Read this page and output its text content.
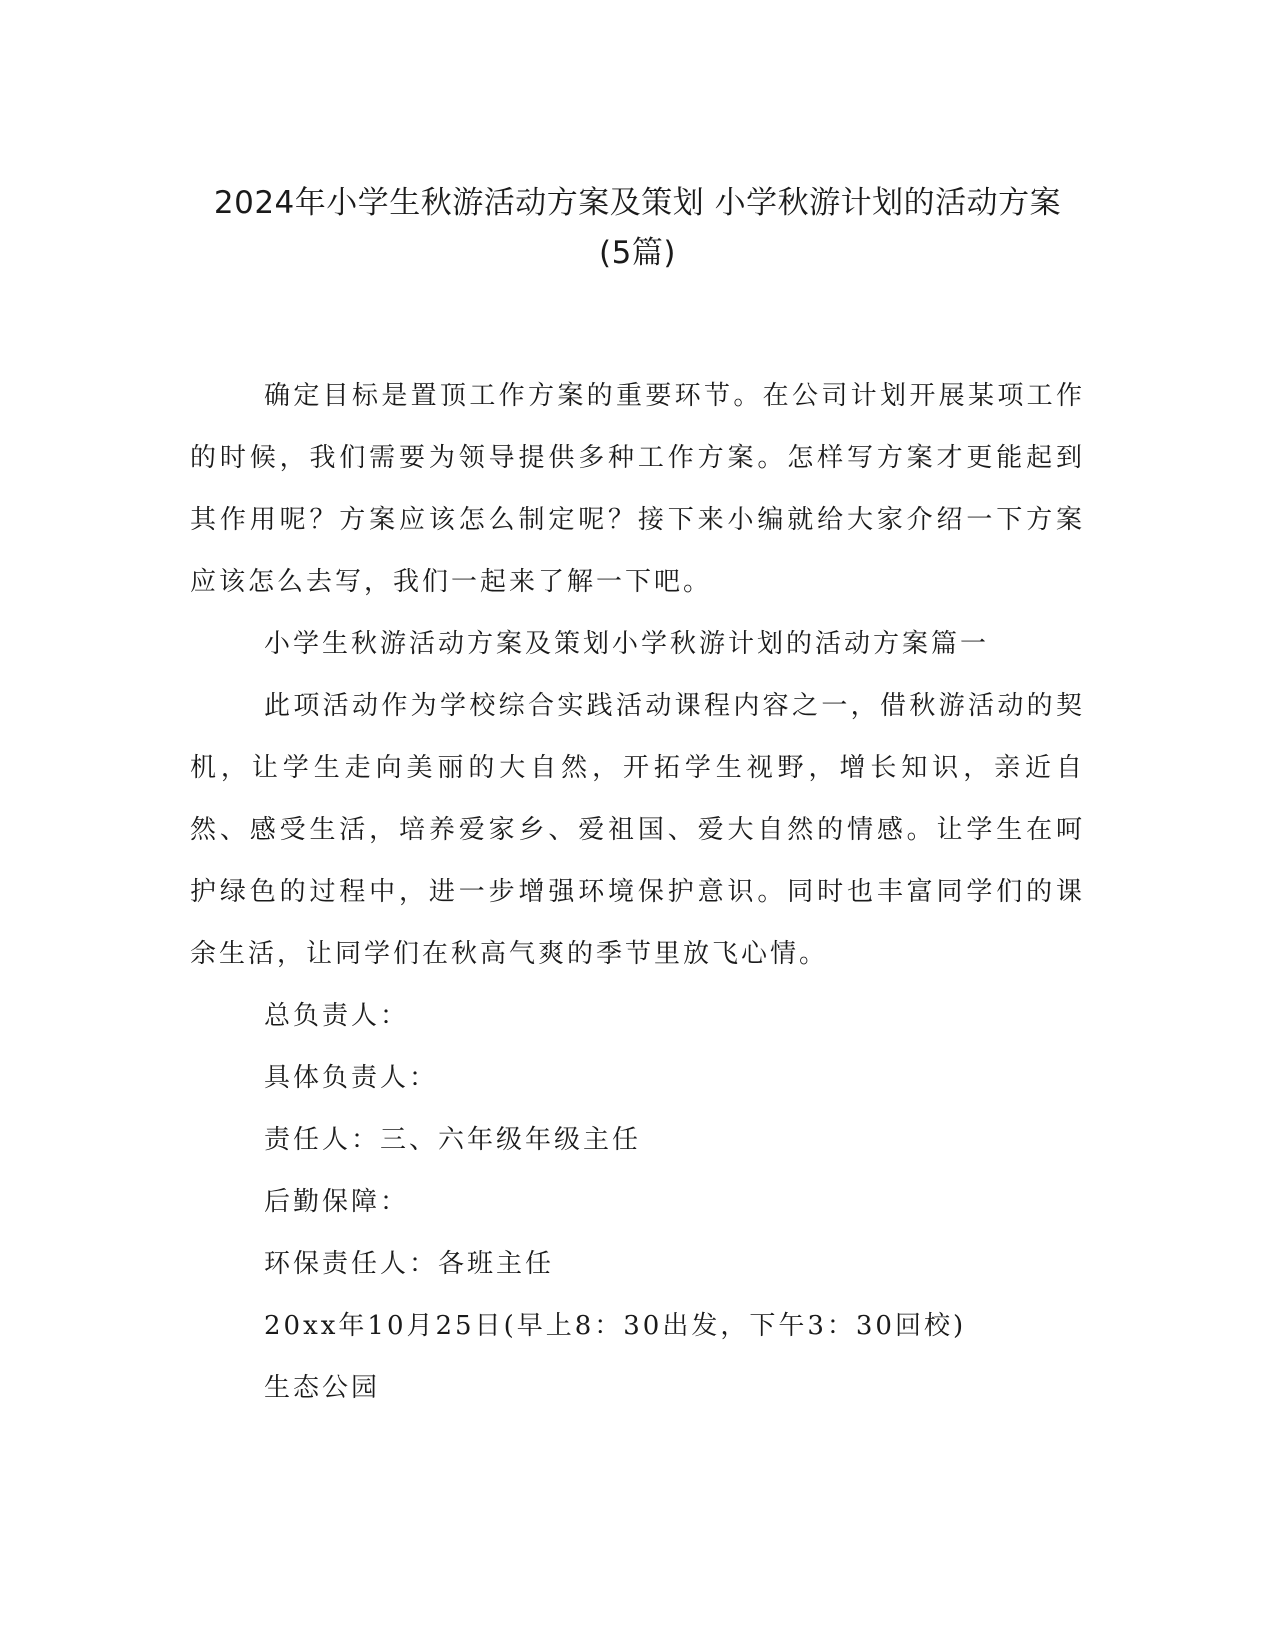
2024年小学生秋游活动方案及策划 小学秋游计划的活动方案
(5篇)

确定目标是置顶工作方案的重要环节。在公司计划开展某项工作的时候，我们需要为领导提供多种工作方案。怎样写方案才更能起到其作用呢？方案应该怎么制定呢？接下来小编就给大家介绍一下方案应该怎么去写，我们一起来了解一下吧。

小学生秋游活动方案及策划小学秋游计划的活动方案篇一

此项活动作为学校综合实践活动课程内容之一，借秋游活动的契机，让学生走向美丽的大自然，开拓学生视野，增长知识，亲近自然、感受生活，培养爱家乡、爱祖国、爱大自然的情感。让学生在呵护绿色的过程中，进一步增强环境保护意识。同时也丰富同学们的课余生活，让同学们在秋高气爽的季节里放飞心情。

总负责人：

具体负责人：

责任人：三、六年级年级主任

后勤保障：

环保责任人：各班主任

20xx年10月25日(早上8：30出发，下午3：30回校)

生态公园
